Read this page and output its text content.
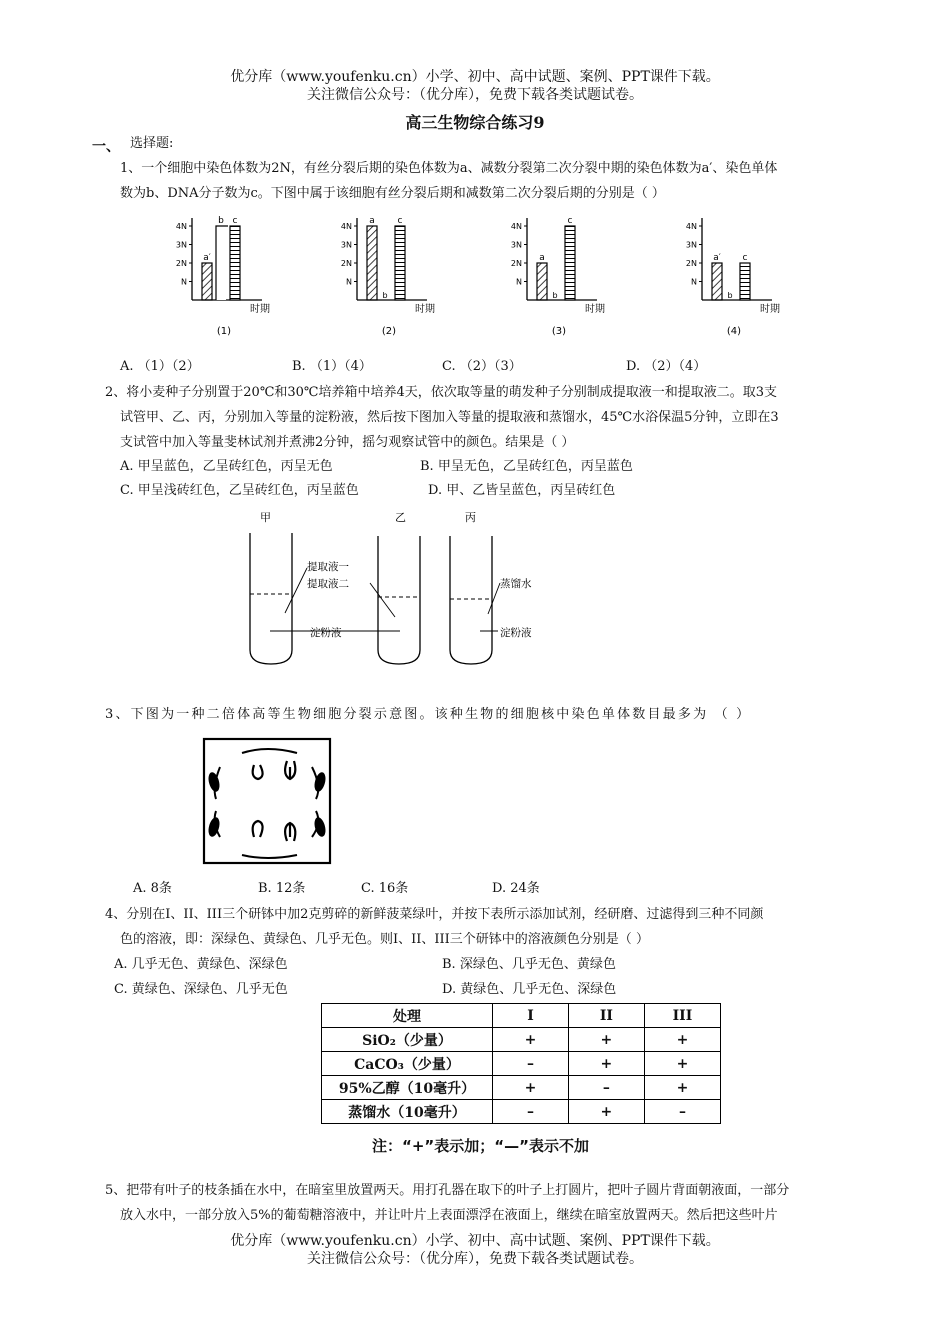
优分库（www.youfenku.cn）小学、初中、高中试题、案例、PPT课件下载。
关注微信公众号：（优分库），免费下载各类试题试卷。
高三生物综合练习9
一、 选择题:
1、一个细胞中染色体数为2N，有丝分裂后期的染色体数为a、减数分裂第二次分裂中期的染色体数为a′、染色单体
数为b、DNA分子数为c。下图中属于该细胞有丝分裂后期和减数第二次分裂后期的分别是（ ）
4N
3N
2N
N
a′
b c
时期
(1)
4N
3N
2N
N
a
b
c
时期
(2)
4N
3N
2N
N
a
b
c
时期
(3)
4N
3N
2N
N
a′
b
c
时期
(4)
A. （1）（2）	B. （1）（4）	C. （2）（3）	D. （2）（4）
2、将小麦种子分别置于20℃和30℃培养箱中培养4天，依次取等量的萌发种子分别制成提取液一和提取液二。取3支
试管甲、乙、丙，分别加入等量的淀粉液，然后按下图加入等量的提取液和蒸馏水，45℃水浴保温5分钟，立即在3
支试管中加入等量斐林试剂并煮沸2分钟，摇匀观察试管中的颜色。结果是（ ）
A. 甲呈蓝色，乙呈砖红色，丙呈无色	B. 甲呈无色，乙呈砖红色，丙呈蓝色
C. 甲呈浅砖红色，乙呈砖红色，丙呈蓝色	D. 甲、乙皆呈蓝色，丙呈砖红色
甲	乙	丙
提取液一
提取液二
淀粉液
蒸馏水
淀粉液
3、下图为一种二倍体高等生物细胞分裂示意图。该种生物的细胞核中染色单体数目最多为 （ ）
A. 8条	B. 12条	C. 16条	D. 24条
4、分别在I、II、III三个研钵中加2克剪碎的新鲜菠菜绿叶，并按下表所示添加试剂，经研磨、过滤得到三种不同颜
色的溶液，即：深绿色、黄绿色、几乎无色。则I、II、III三个研钵中的溶液颜色分别是（ ）
A. 几乎无色、黄绿色、深绿色	B. 深绿色、几乎无色、黄绿色
C. 黄绿色、深绿色、几乎无色	D. 黄绿色、几乎无色、深绿色
处理	I	II	III
SiO₂（少量）	+	+	+
CaCO₃（少量）	–	+	+
95%乙醇（10毫升）	+	–	+
蒸馏水（10毫升）	–	+	–
注：“+”表示加；“—”表示不加
5、把带有叶子的枝条插在水中，在暗室里放置两天。用打孔器在取下的叶子上打圆片，把叶子圆片背面朝液面，一部分
放入水中，一部分放入5%的葡萄糖溶液中，并让叶片上表面漂浮在液面上，继续在暗室放置两天。然后把这些叶片
优分库（www.youfenku.cn）小学、初中、高中试题、案例、PPT课件下载。
关注微信公众号：（优分库），免费下载各类试题试卷。
